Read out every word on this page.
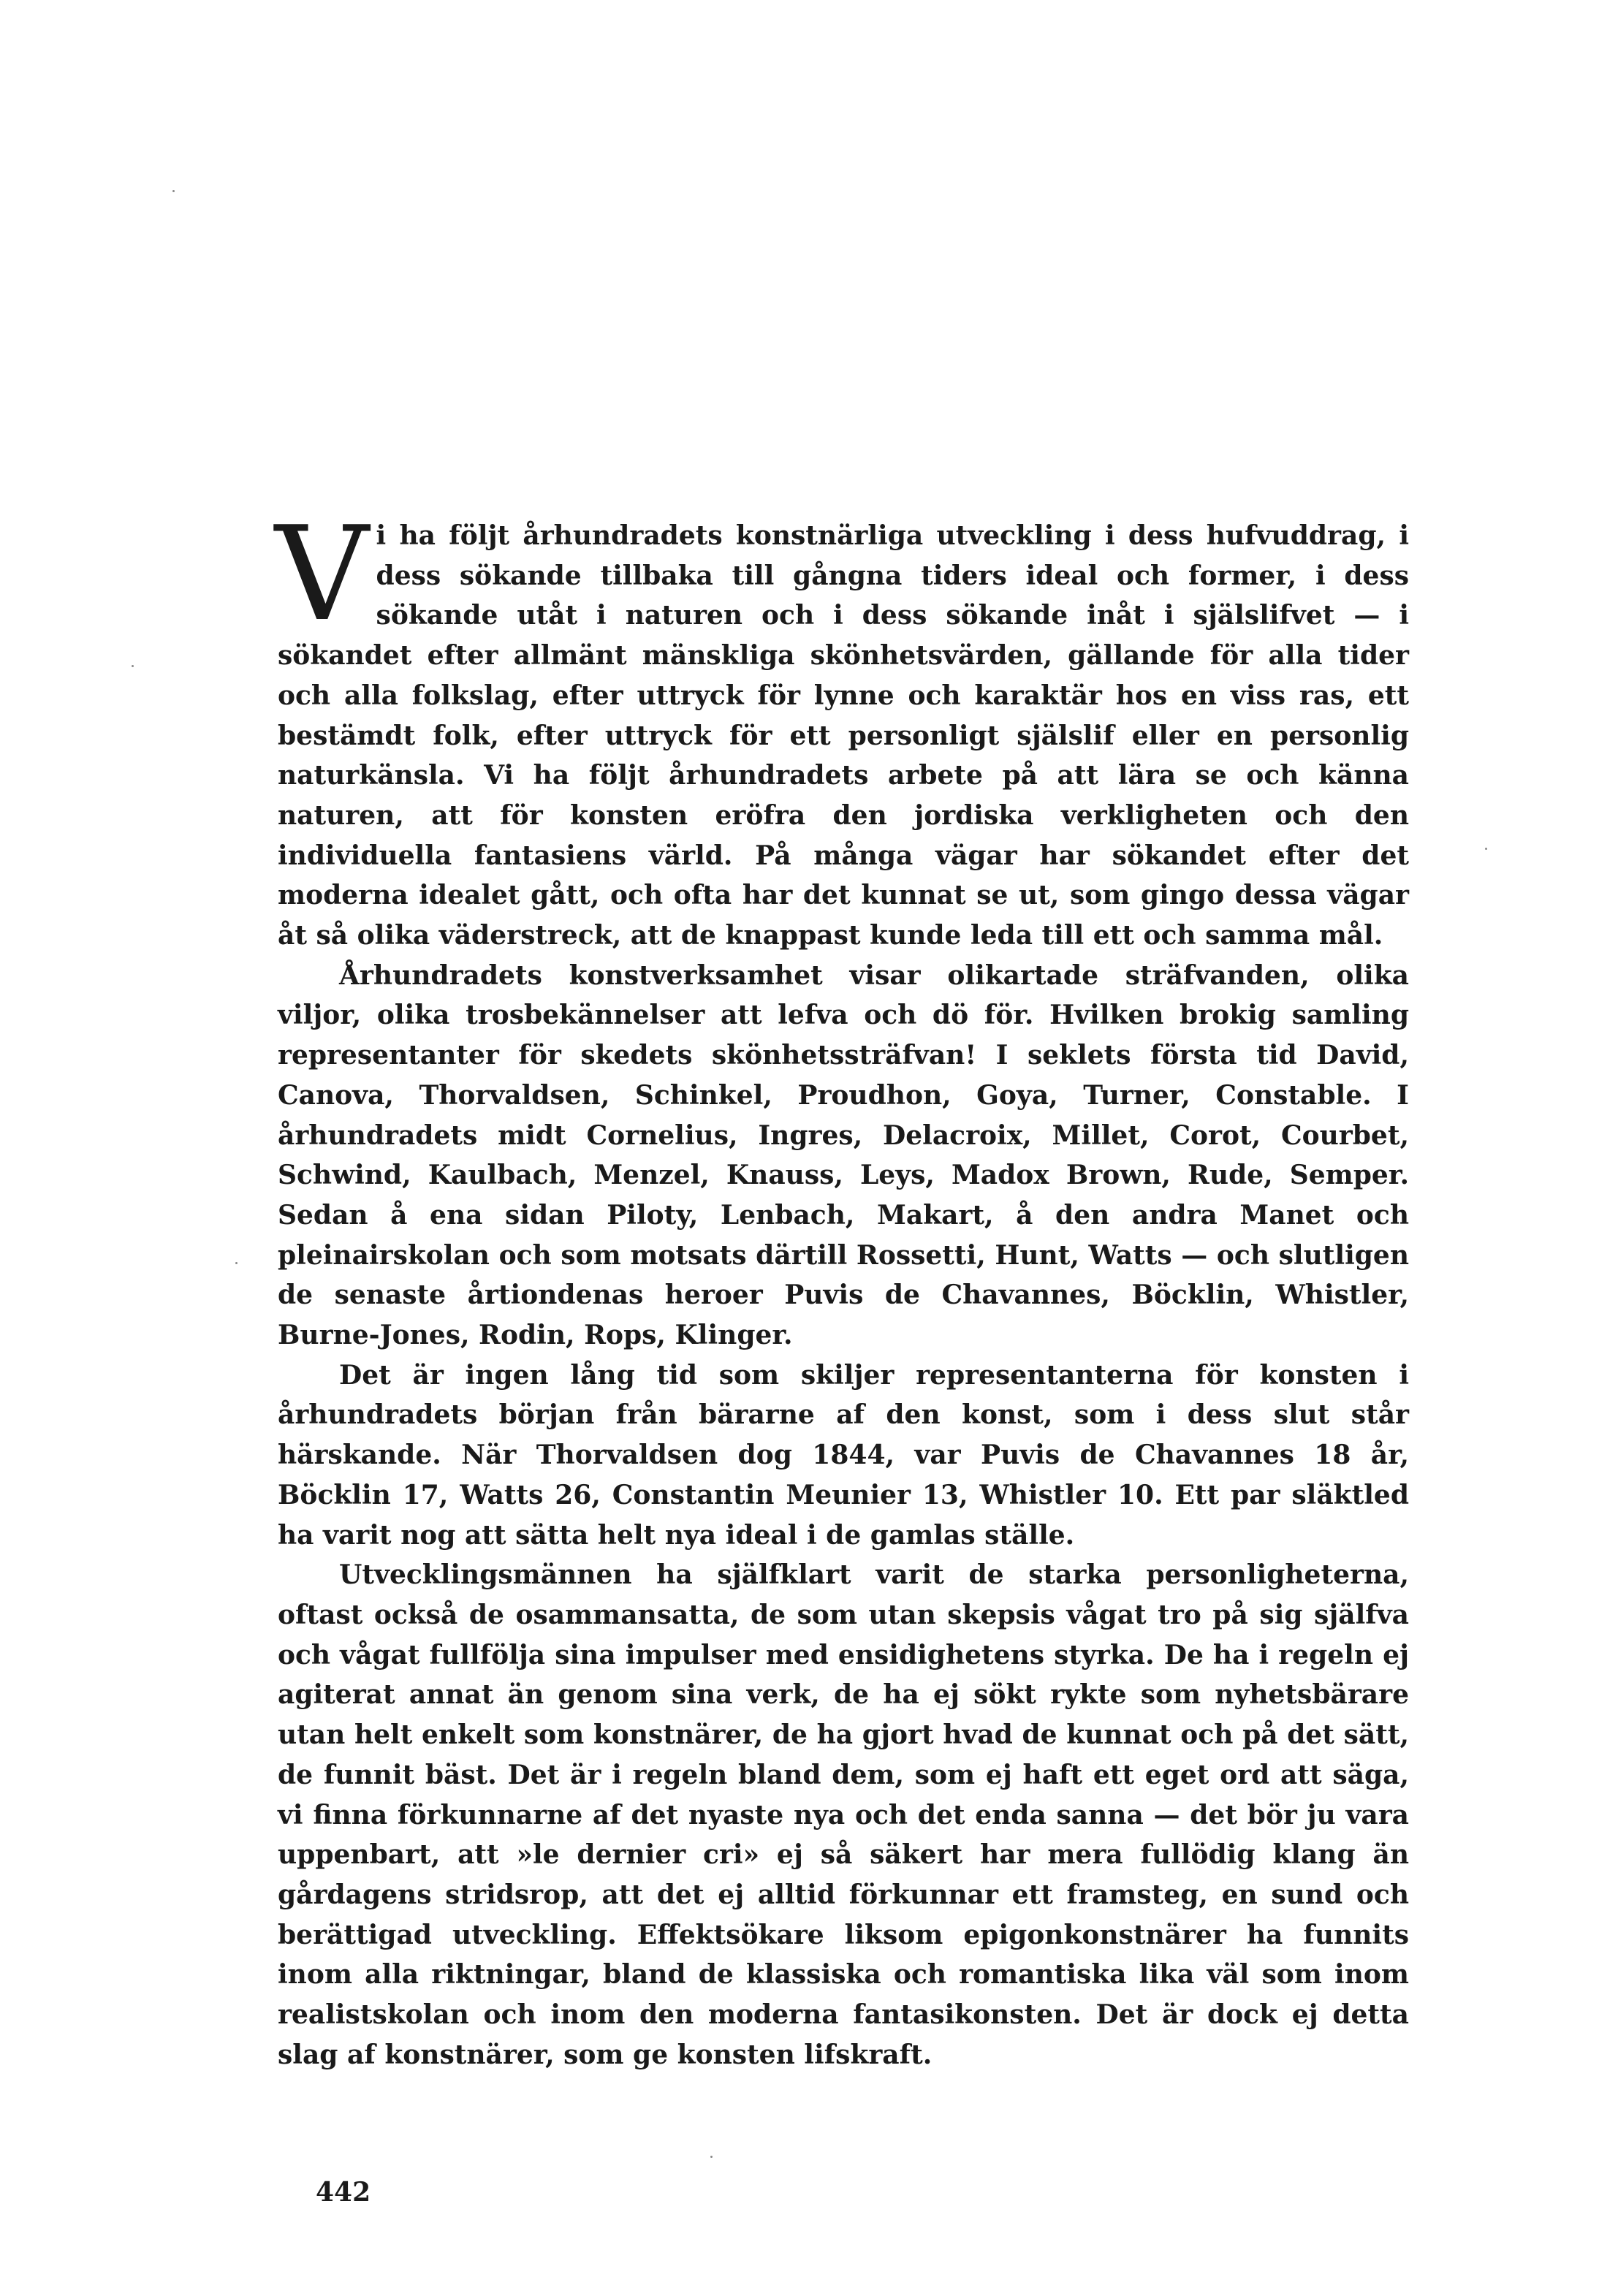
Vi ha följt århundradets konstnärliga utveckling i dess hufvuddrag, i dess sökande tillbaka till gångna tiders ideal och former, i dess sökande utåt i naturen och i dess sökande inåt i själslifvet — i sökandet efter allmänt mänskliga skönhetsvärden, gällande för alla tider och alla folkslag, efter uttryck för lynne och karaktär hos en viss ras, ett bestämdt folk, efter uttryck för ett personligt själslif eller en personlig naturkänsla. Vi ha följt århundradets arbete på att lära se och känna naturen, att för konsten eröfra den jordiska verkligheten och den individuella fantasiens värld. På många vägar har sökandet efter det moderna idealet gått, och ofta har det kunnat se ut, som gingo dessa vägar åt så olika väderstreck, att de knappast kunde leda till ett och samma mål.

Århundradets konstverksamhet visar olikartade sträfvanden, olika viljor, olika trosbekännelser att lefva och dö för. Hvilken brokig samling representanter för skedets skönhetssträfvan! I seklets första tid David, Canova, Thorvaldsen, Schinkel, Proudhon, Goya, Turner, Constable. I århundradets midt Cornelius, Ingres, Delacroix, Millet, Corot, Courbet, Schwind, Kaulbach, Menzel, Knauss, Leys, Madox Brown, Rude, Semper. Sedan å ena sidan Piloty, Lenbach, Makart, å den andra Manet och pleinairskolan och som motsats därtill Rossetti, Hunt, Watts — och slutligen de senaste årtiondenas heroer Puvis de Chavannes, Böcklin, Whistler, Burne-Jones, Rodin, Rops, Klinger.

Det är ingen lång tid som skiljer representanterna för konsten i århundradets början från bärarne af den konst, som i dess slut står härskande. När Thorvaldsen dog 1844, var Puvis de Chavannes 18 år, Böcklin 17, Watts 26, Constantin Meunier 13, Whistler 10. Ett par släktled ha varit nog att sätta helt nya ideal i de gamlas ställe.

Utvecklingsmännen ha själfklart varit de starka personligheterna, oftast också de osammansatta, de som utan skepsis vågat tro på sig själfva och vågat fullfölja sina impulser med ensidighetens styrka. De ha i regeln ej agiterat annat än genom sina verk, de ha ej sökt rykte som nyhetsbärare utan helt enkelt som konstnärer, de ha gjort hvad de kunnat och på det sätt, de funnit bäst. Det är i regeln bland dem, som ej haft ett eget ord att säga, vi finna förkunnarne af det nyaste nya och det enda sanna — det bör ju vara uppenbart, att »le dernier cri» ej så säkert har mera fullödig klang än gårdagens stridsrop, att det ej alltid förkunnar ett framsteg, en sund och berättigad utveckling. Effektsökare liksom epigonkonstnärer ha funnits inom alla riktningar, bland de klassiska och romantiska lika väl som inom realistskolan och inom den moderna fantasikonsten. Det är dock ej detta slag af konstnärer, som ge konsten lifskraft.

442
